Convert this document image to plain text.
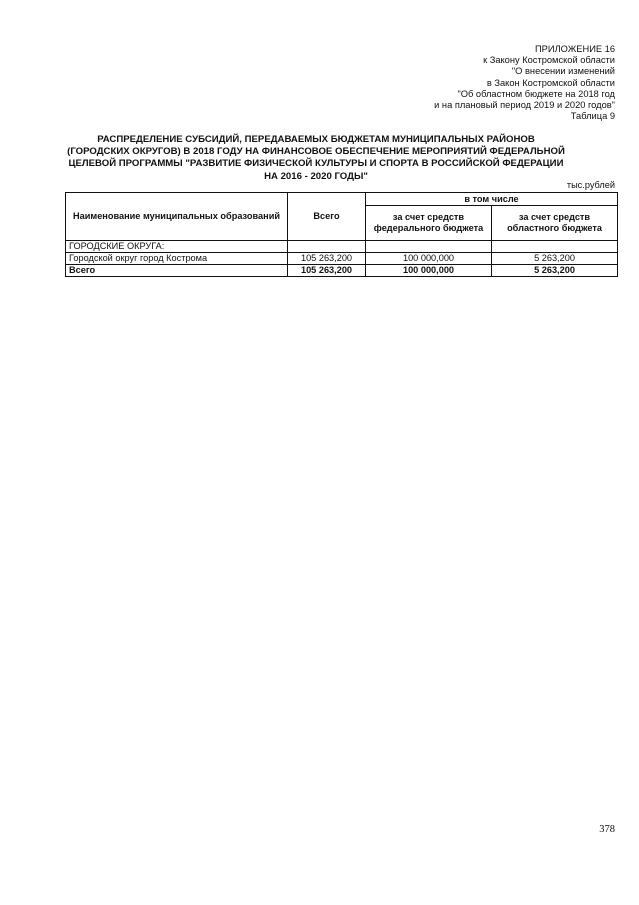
ПРИЛОЖЕНИЕ 16
к Закону Костромской области
"О внесении изменений
в Закон Костромской области
"Об областном бюджете на 2018 год
и на плановый период 2019 и 2020 годов"
Таблица 9
РАСПРЕДЕЛЕНИЕ СУБСИДИЙ, ПЕРЕДАВАЕМЫХ БЮДЖЕТАМ МУНИЦИПАЛЬНЫХ РАЙОНОВ (ГОРОДСКИХ ОКРУГОВ) В 2018 ГОДУ НА ФИНАНСОВОЕ ОБЕСПЕЧЕНИЕ МЕРОПРИЯТИЙ ФЕДЕРАЛЬНОЙ ЦЕЛЕВОЙ ПРОГРАММЫ "РАЗВИТИЕ ФИЗИЧЕСКОЙ КУЛЬТУРЫ И СПОРТА В РОССИЙСКОЙ ФЕДЕРАЦИИ НА 2016 - 2020 ГОДЫ"
тыс.рублей
Наименование муниципальных образований	Всего	в том числе	
		за счет средств федерального бюджета	за счет средств областного бюджета
ГОРОДСКИЕ ОКРУГА:			
Городской округ город Кострома	105 263,200	100 000,000	5 263,200
Всего	105 263,200	100 000,000	5 263,200
378
